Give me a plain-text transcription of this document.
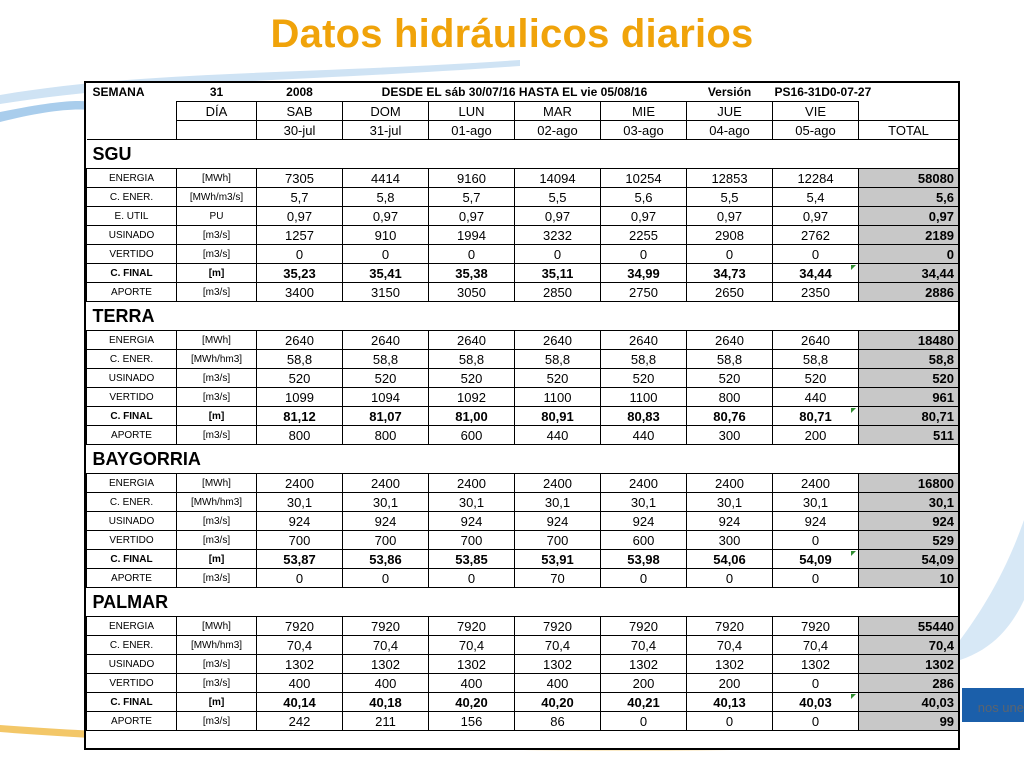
Datos hidráulicos diarios
nos une
SEMANA	31	2008	DESDE EL sáb 30/07/16 HASTA EL vie 05/08/16				Versión	PS16-31D0-07-27	
	DÍA	SAB	DOM	LUN	MAR	MIE	JUE	VIE	
		30-jul	31-jul	01-ago	02-ago	03-ago	04-ago	05-ago	TOTAL
SGU									
ENERGIA	[MWh]	7305	4414	9160	14094	10254	12853	12284	58080
C. ENER.	[MWh/m3/s]	5,7	5,8	5,7	5,5	5,6	5,5	5,4	5,6
E. UTIL	PU	0,97	0,97	0,97	0,97	0,97	0,97	0,97	0,97
USINADO	[m3/s]	1257	910	1994	3232	2255	2908	2762	2189
VERTIDO	[m3/s]	0	0	0	0	0	0	0	0
C. FINAL	[m]	35,23	35,41	35,38	35,11	34,99	34,73	34,44	34,44
APORTE	[m3/s]	3400	3150	3050	2850	2750	2650	2350	2886
TERRA									
ENERGIA	[MWh]	2640	2640	2640	2640	2640	2640	2640	18480
C. ENER.	[MWh/hm3]	58,8	58,8	58,8	58,8	58,8	58,8	58,8	58,8
USINADO	[m3/s]	520	520	520	520	520	520	520	520
VERTIDO	[m3/s]	1099	1094	1092	1100	1100	800	440	961
C. FINAL	[m]	81,12	81,07	81,00	80,91	80,83	80,76	80,71	80,71
APORTE	[m3/s]	800	800	600	440	440	300	200	511
BAYGORRIA									
ENERGIA	[MWh]	2400	2400	2400	2400	2400	2400	2400	16800
C. ENER.	[MWh/hm3]	30,1	30,1	30,1	30,1	30,1	30,1	30,1	30,1
USINADO	[m3/s]	924	924	924	924	924	924	924	924
VERTIDO	[m3/s]	700	700	700	700	600	300	0	529
C. FINAL	[m]	53,87	53,86	53,85	53,91	53,98	54,06	54,09	54,09
APORTE	[m3/s]	0	0	0	70	0	0	0	10
PALMAR									
ENERGIA	[MWh]	7920	7920	7920	7920	7920	7920	7920	55440
C. ENER.	[MWh/hm3]	70,4	70,4	70,4	70,4	70,4	70,4	70,4	70,4
USINADO	[m3/s]	1302	1302	1302	1302	1302	1302	1302	1302
VERTIDO	[m3/s]	400	400	400	400	200	200	0	286
C. FINAL	[m]	40,14	40,18	40,20	40,20	40,21	40,13	40,03	40,03
APORTE	[m3/s]	242	211	156	86	0	0	0	99
